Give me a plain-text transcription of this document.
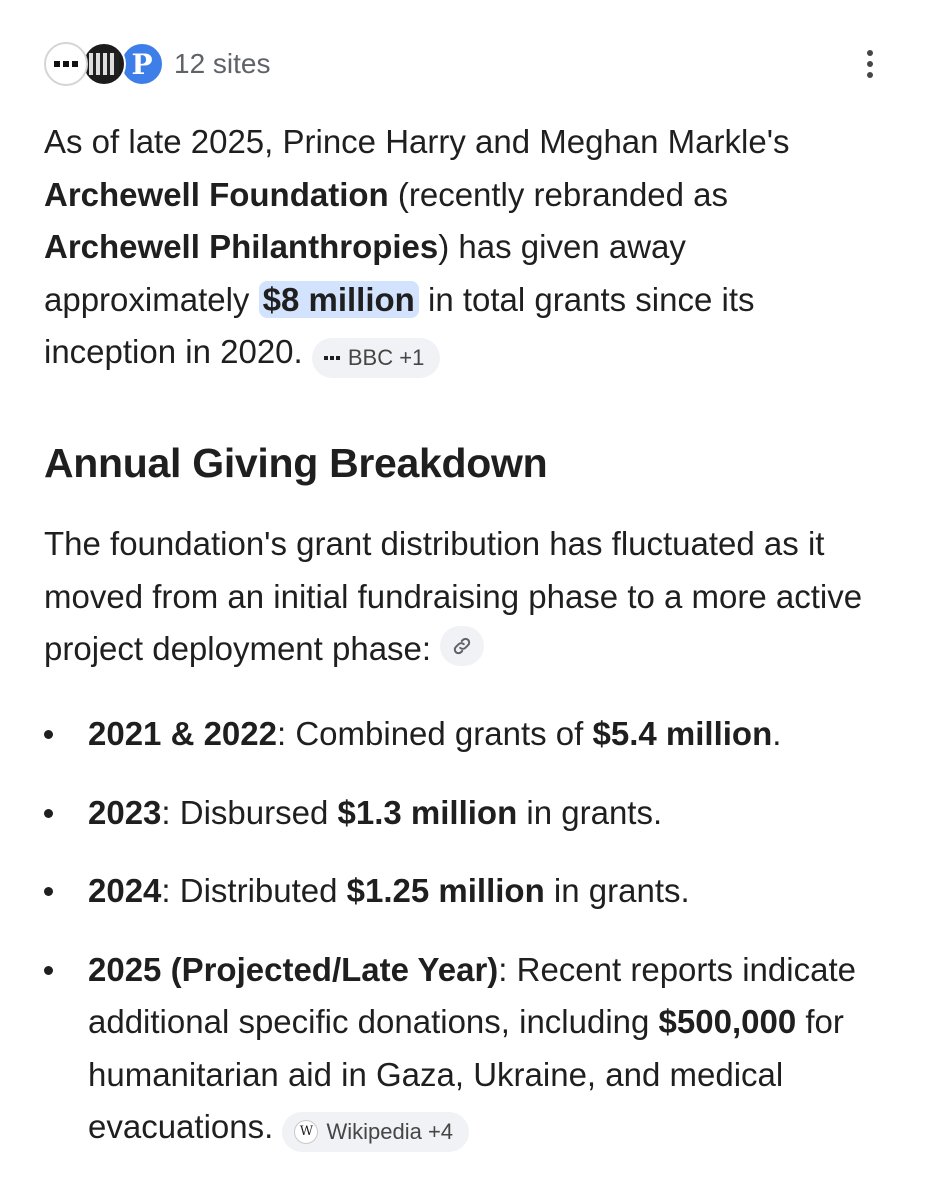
P 12 sites

As of late 2025, Prince Harry and Meghan Markle's Archewell Foundation (recently rebranded as
Archewell Philanthropies) has given away approximately $8 million in total grants since its inception in 2020. BBC +1

Annual Giving Breakdown

The foundation's grant distribution has fluctuated as it moved from an initial fundraising phase to a more active project deployment phase:

2021 & 2022: Combined grants of $5.4 million.
2023: Disbursed $1.3 million in grants.
2024: Distributed $1.25 million in grants.
2025 (Projected/Late Year): Recent reports indicate additional specific donations, including $500,000 for humanitarian aid in Gaza, Ukraine, and medical evacuations.	W Wikipedia +4
